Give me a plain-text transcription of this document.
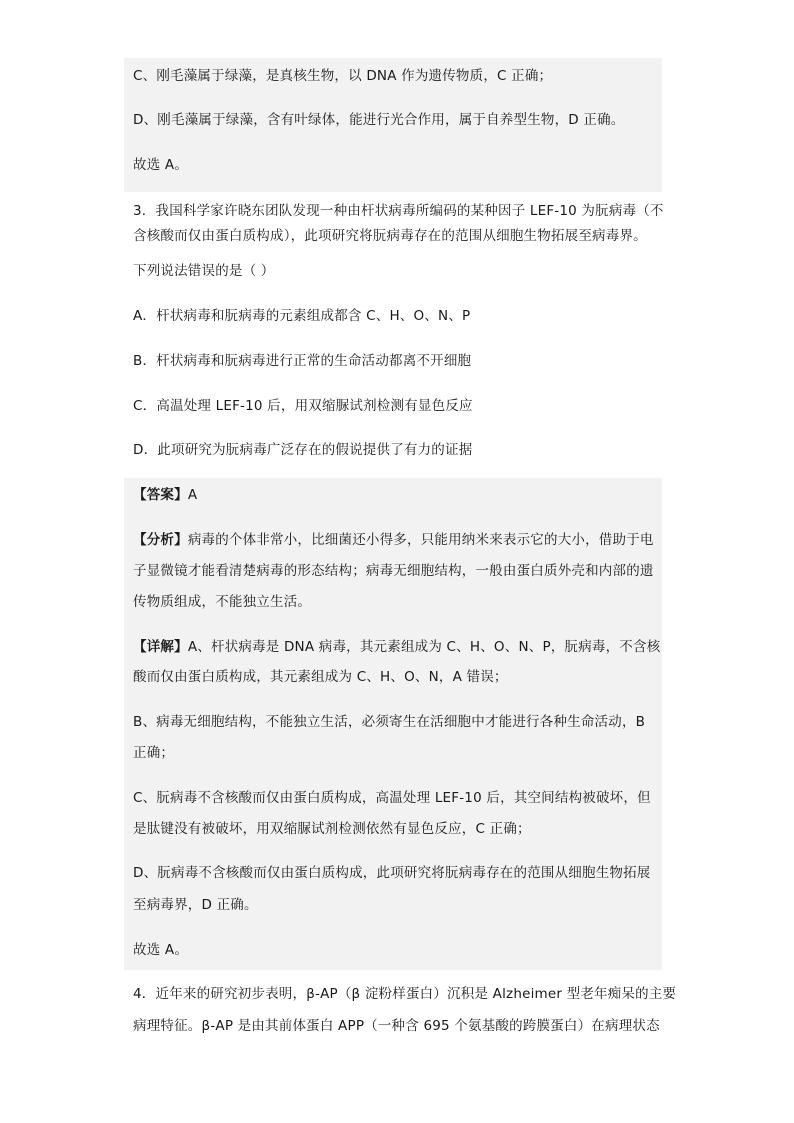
C、刚毛藻属于绿藻，是真核生物，以 DNA 作为遗传物质，C 正确；
D、刚毛藻属于绿藻，含有叶绿体，能进行光合作用，属于自养型生物，D 正确。
故选 A。
3．我国科学家许晓东团队发现一种由杆状病毒所编码的某种因子 LEF-10 为朊病毒（不
含核酸而仅由蛋白质构成），此项研究将朊病毒存在的范围从细胞生物拓展至病毒界。
下列说法错误的是（ ）
A．杆状病毒和朊病毒的元素组成都含 C、H、O、N、P
B．杆状病毒和朊病毒进行正常的生命活动都离不开细胞
C．高温处理 LEF-10 后，用双缩脲试剂检测有显色反应
D．此项研究为朊病毒广泛存在的假说提供了有力的证据
【答案】A
【分析】病毒的个体非常小，比细菌还小得多，只能用纳米来表示它的大小，借助于电
子显微镜才能看清楚病毒的形态结构；病毒无细胞结构，一般由蛋白质外壳和内部的遗
传物质组成，不能独立生活。
【详解】A、杆状病毒是 DNA 病毒，其元素组成为 C、H、O、N、P，朊病毒，不含核
酸而仅由蛋白质构成，其元素组成为 C、H、O、N，A 错误；
B、病毒无细胞结构，不能独立生活，必须寄生在活细胞中才能进行各种生命活动，B
正确；
C、朊病毒不含核酸而仅由蛋白质构成，高温处理 LEF-10 后，其空间结构被破坏，但
是肽键没有被破坏，用双缩脲试剂检测依然有显色反应，C 正确；
D、朊病毒不含核酸而仅由蛋白质构成，此项研究将朊病毒存在的范围从细胞生物拓展
至病毒界，D 正确。
故选 A。
4．近年来的研究初步表明，β-AP（β 淀粉样蛋白）沉积是 Alzheimer 型老年痴呆的主要
病理特征。β-AP 是由其前体蛋白 APP（一种含 695 个氨基酸的跨膜蛋白）在病理状态
